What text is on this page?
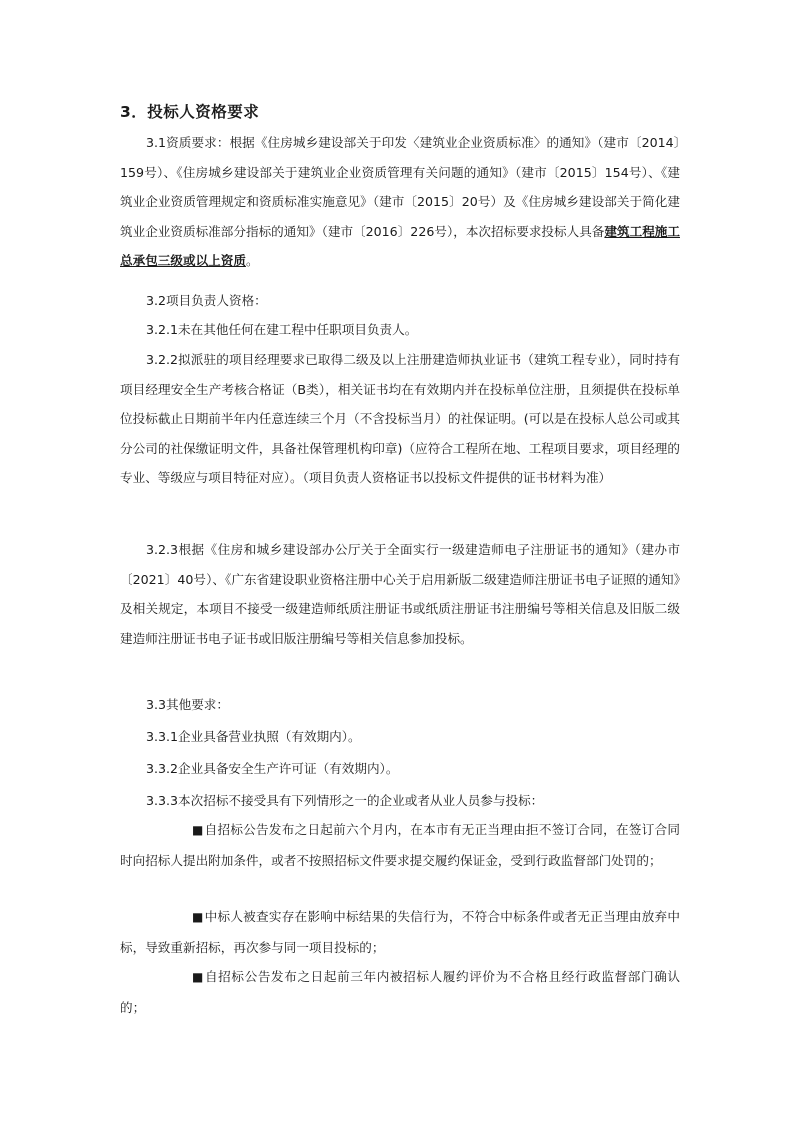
3．投标人资格要求
3.1资质要求：根据《住房城乡建设部关于印发〈建筑业企业资质标准〉的通知》（建市〔2014〕159号）、《住房城乡建设部关于建筑业企业资质管理有关问题的通知》（建市〔2015〕154号）、《建筑业企业资质管理规定和资质标准实施意见》（建市〔2015〕20号）及《住房城乡建设部关于简化建筑业企业资质标准部分指标的通知》（建市〔2016〕226号），本次招标要求投标人具备建筑工程施工总承包三级或以上资质。
3.2项目负责人资格：
3.2.1未在其他任何在建工程中任职项目负责人。
3.2.2拟派驻的项目经理要求已取得二级及以上注册建造师执业证书（建筑工程专业），同时持有项目经理安全生产考核合格证（B类），相关证书均在有效期内并在投标单位注册，且须提供在投标单位投标截止日期前半年内任意连续三个月（不含投标当月）的社保证明。(可以是在投标人总公司或其分公司的社保缴证明文件，具备社保管理机构印章)（应符合工程所在地、工程项目要求，项目经理的专业、等级应与项目特征对应）。（项目负责人资格证书以投标文件提供的证书材料为准）
3.2.3根据《住房和城乡建设部办公厅关于全面实行一级建造师电子注册证书的通知》（建办市〔2021〕40号）、《广东省建设职业资格注册中心关于启用新版二级建造师注册证书电子证照的通知》及相关规定，本项目不接受一级建造师纸质注册证书或纸质注册证书注册编号等相关信息及旧版二级建造师注册证书电子证书或旧版注册编号等相关信息参加投标。
3.3其他要求：
3.3.1企业具备营业执照（有效期内）。
3.3.2企业具备安全生产许可证（有效期内）。
3.3.3本次招标不接受具有下列情形之一的企业或者从业人员参与投标：
■自招标公告发布之日起前六个月内，在本市有无正当理由拒不签订合同，在签订合同时向招标人提出附加条件，或者不按照招标文件要求提交履约保证金，受到行政监督部门处罚的；
■中标人被查实存在影响中标结果的失信行为，不符合中标条件或者无正当理由放弃中标，导致重新招标，再次参与同一项目投标的；
■自招标公告发布之日起前三年内被招标人履约评价为不合格且经行政监督部门确认的；
